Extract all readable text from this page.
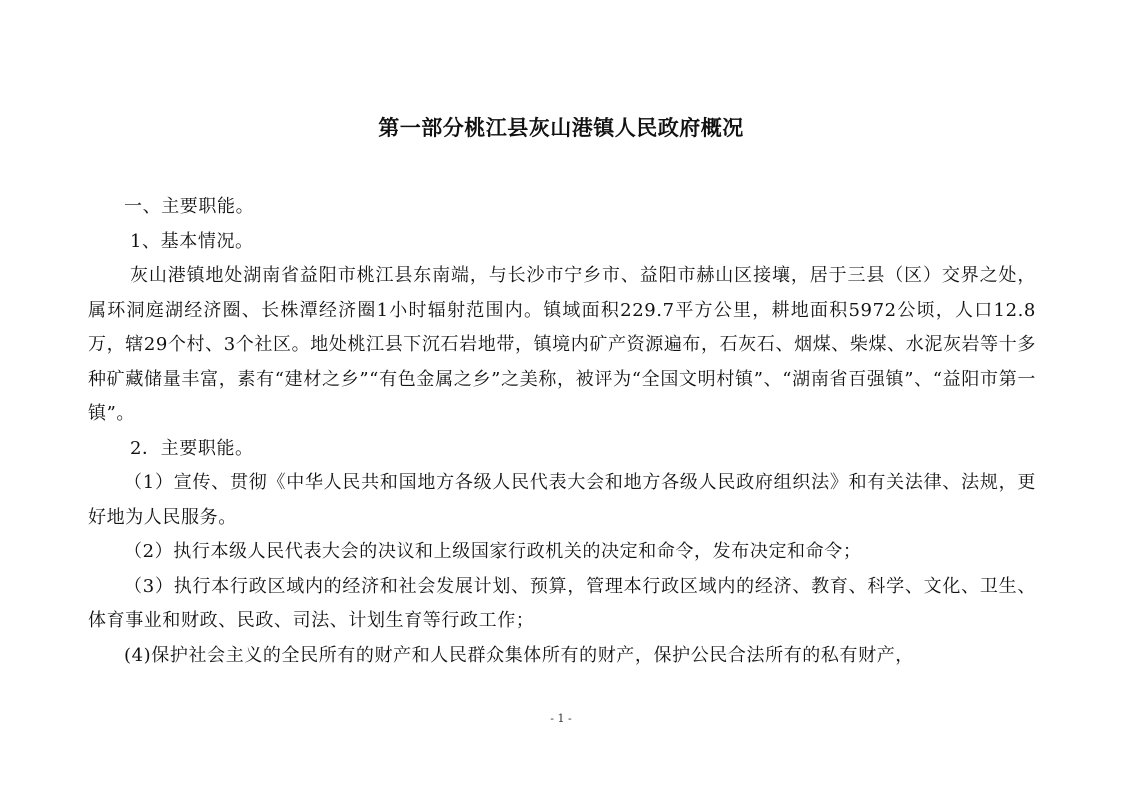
第一部分桃江县灰山港镇人民政府概况

一、主要职能。

1、基本情况。

灰山港镇地处湖南省益阳市桃江县东南端，与长沙市宁乡市、益阳市赫山区接壤，居于三县（区）交界之处，属环洞庭湖经济圈、长株潭经济圈1小时辐射范围内。镇域面积229.7平方公里，耕地面积5972公顷，人口12.8万，辖29个村、3个社区。地处桃江县下沉石岩地带，镇境内矿产资源遍布，石灰石、烟煤、柴煤、水泥灰岩等十多种矿藏储量丰富，素有“建材之乡”“有色金属之乡”之美称，被评为“全国文明村镇”、“湖南省百强镇”、“益阳市第一镇”。

2．主要职能。

（1）宣传、贯彻《中华人民共和国地方各级人民代表大会和地方各级人民政府组织法》和有关法律、法规，更好地为人民服务。

（2）执行本级人民代表大会的决议和上级国家行政机关的决定和命令，发布决定和命令；

（3）执行本行政区域内的经济和社会发展计划、预算，管理本行政区域内的经济、教育、科学、文化、卫生、体育事业和财政、民政、司法、计划生育等行政工作；

(4)保护社会主义的全民所有的财产和人民群众集体所有的财产，保护公民合法所有的私有财产，

- 1 -
